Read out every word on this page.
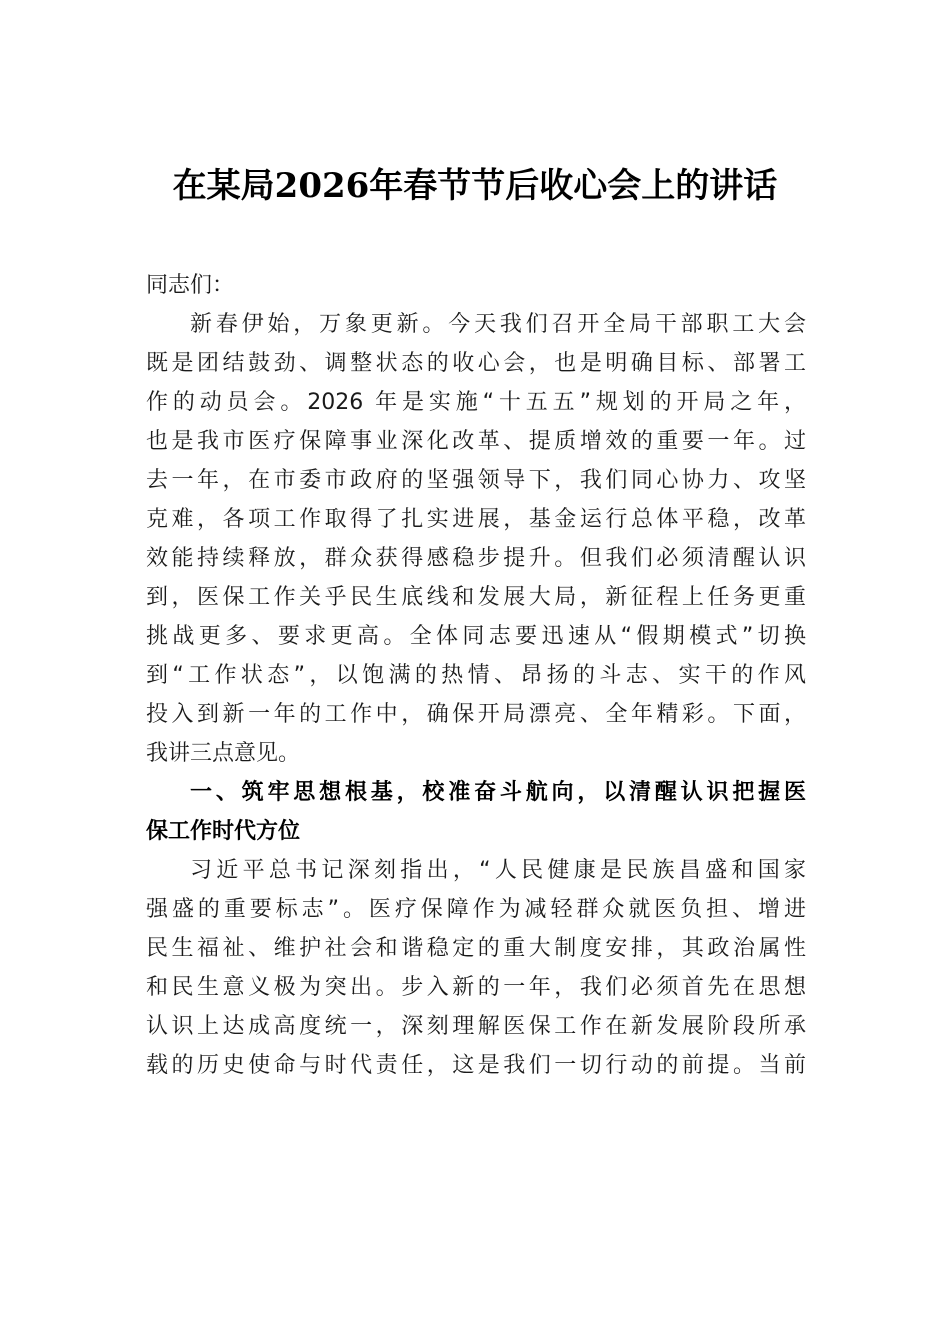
在某局2026年春节节后收心会上的讲话
同志们：
新春伊始，万象更新。今天我们召开全局干部职工大会
既是团结鼓劲、调整状态的收心会，也是明确目标、部署工
作的动员会。2026 年是实施“十五五”规划的开局之年，
也是我市医疗保障事业深化改革、提质增效的重要一年。过
去一年，在市委市政府的坚强领导下，我们同心协力、攻坚
克难，各项工作取得了扎实进展，基金运行总体平稳，改革
效能持续释放，群众获得感稳步提升。但我们必须清醒认识
到，医保工作关乎民生底线和发展大局，新征程上任务更重
挑战更多、要求更高。全体同志要迅速从“假期模式”切换
到“工作状态”，以饱满的热情、昂扬的斗志、实干的作风
投入到新一年的工作中，确保开局漂亮、全年精彩。下面，
我讲三点意见。
一、筑牢思想根基，校准奋斗航向，以清醒认识把握医
保工作时代方位
习近平总书记深刻指出，“人民健康是民族昌盛和国家
强盛的重要标志”。医疗保障作为减轻群众就医负担、增进
民生福祉、维护社会和谐稳定的重大制度安排，其政治属性
和民生意义极为突出。步入新的一年，我们必须首先在思想
认识上达成高度统一，深刻理解医保工作在新发展阶段所承
载的历史使命与时代责任，这是我们一切行动的前提。当前
